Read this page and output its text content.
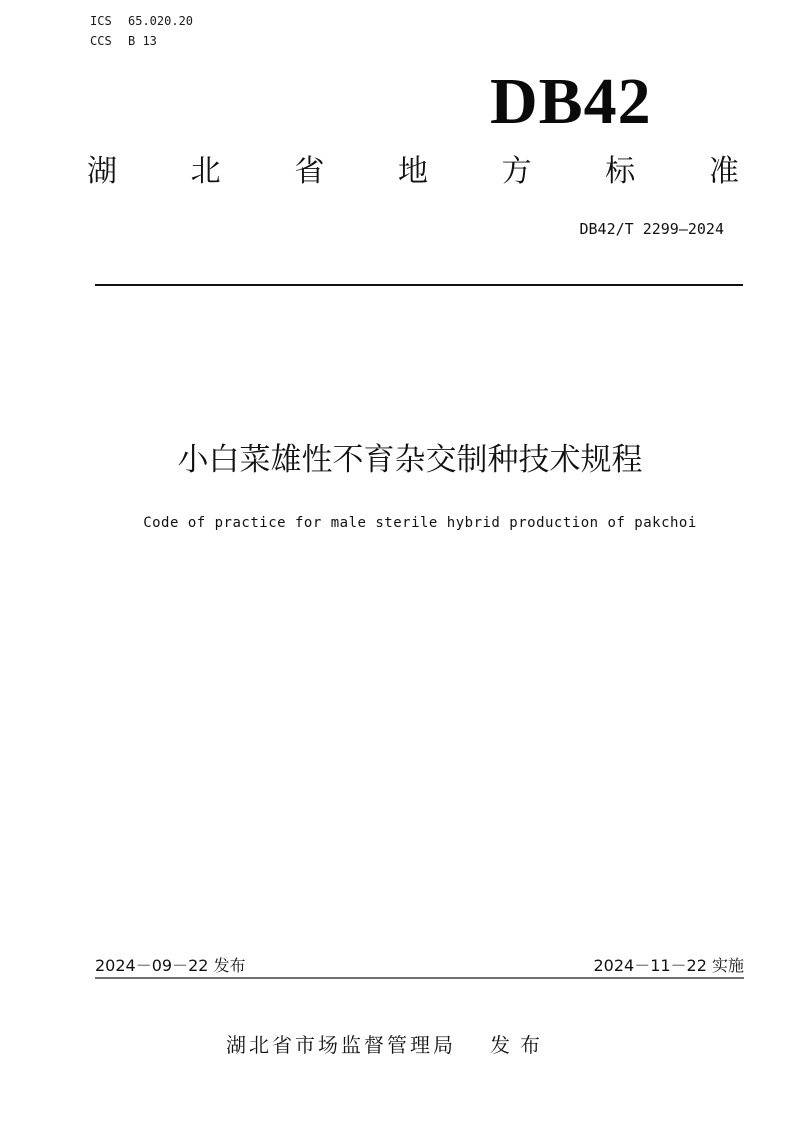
ICS	65.020.20
CCS	B 13
DB42
湖 北 省 地 方 标 准
DB42/T 2299—2024
小白菜雄性不育杂交制种技术规程
Code of practice for male sterile hybrid production of pakchoi
2024－09－22 发布	2024－11－22 实施
湖北省市场监督管理局 发布
